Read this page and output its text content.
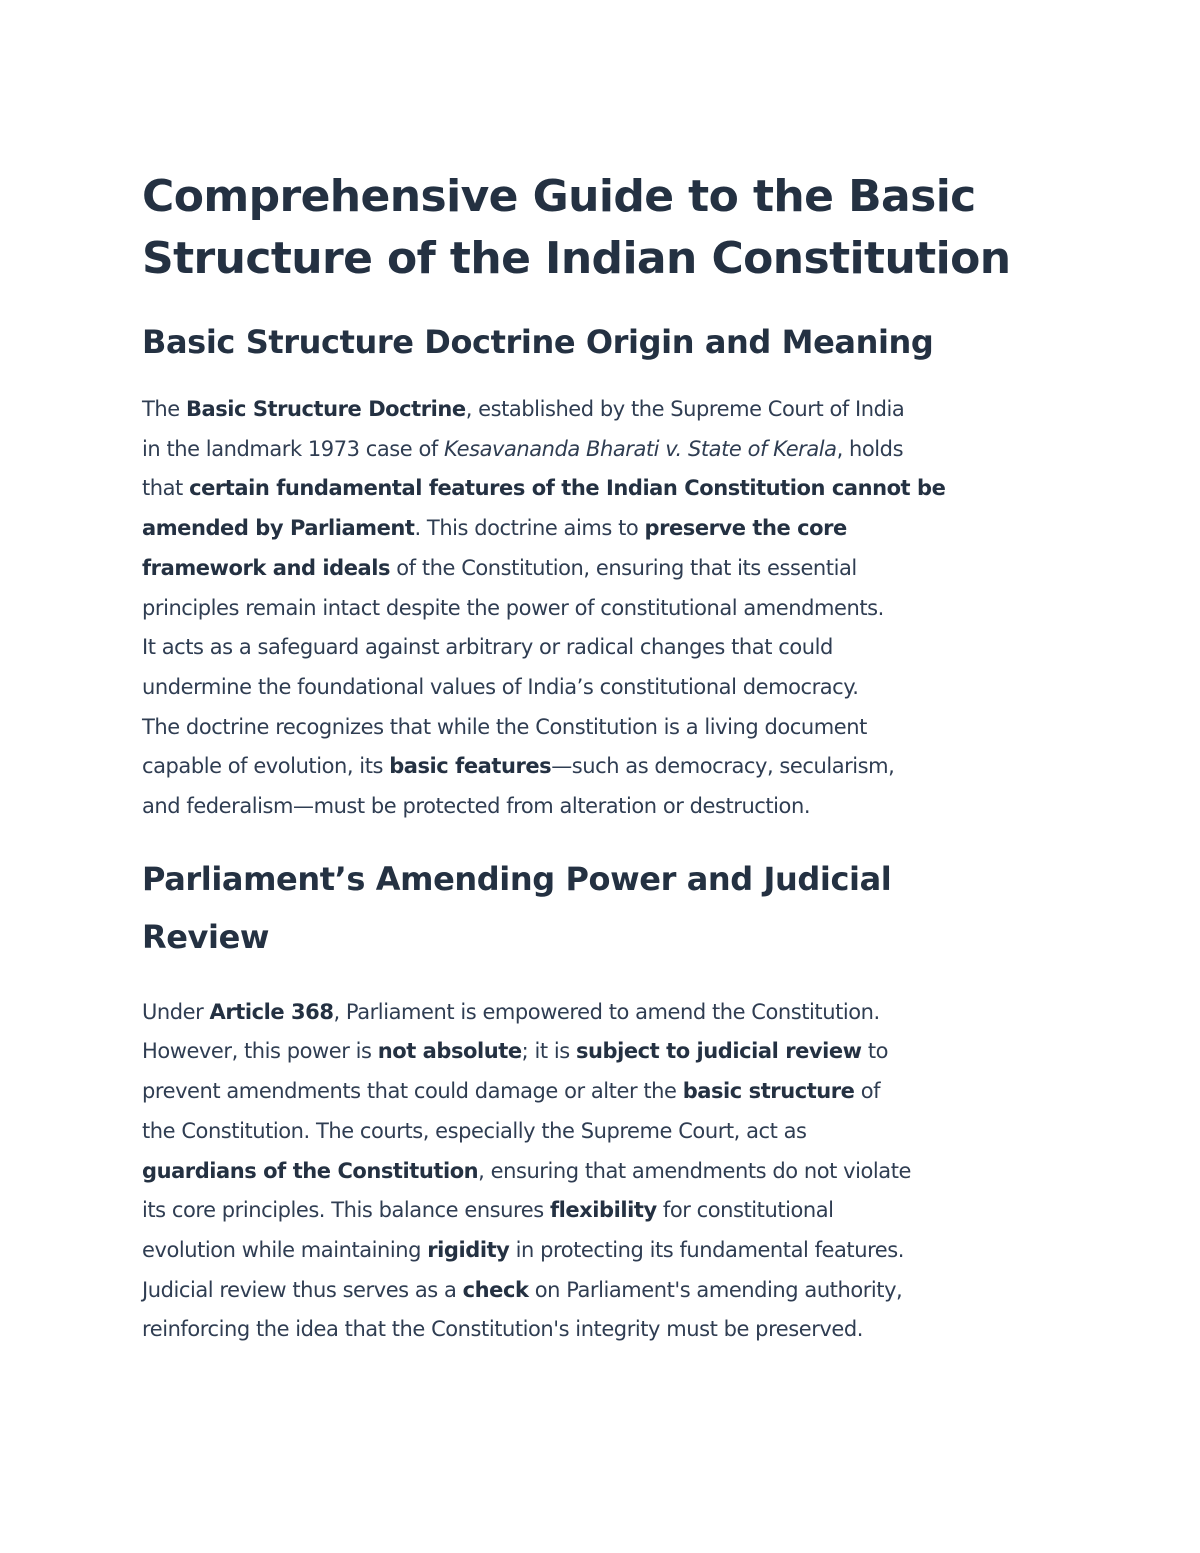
Comprehensive Guide to the Basic
Structure of the Indian Constitution
Basic Structure Doctrine Origin and Meaning

The Basic Structure Doctrine, established by the Supreme Court of India
in the landmark 1973 case of Kesavananda Bharati v. State of Kerala, holds
that certain fundamental features of the Indian Constitution cannot be
amended by Parliament. This doctrine aims to preserve the core
framework and ideals of the Constitution, ensuring that its essential
principles remain intact despite the power of constitutional amendments.
It acts as a safeguard against arbitrary or radical changes that could
undermine the foundational values of India’s constitutional democracy.
The doctrine recognizes that while the Constitution is a living document
capable of evolution, its basic features—such as democracy, secularism,
and federalism—must be protected from alteration or destruction.

Parliament’s Amending Power and Judicial
Review

Under Article 368, Parliament is empowered to amend the Constitution.
However, this power is not absolute; it is subject to judicial review to
prevent amendments that could damage or alter the basic structure of
the Constitution. The courts, especially the Supreme Court, act as
guardians of the Constitution, ensuring that amendments do not violate
its core principles. This balance ensures flexibility for constitutional
evolution while maintaining rigidity in protecting its fundamental features.
Judicial review thus serves as a check on Parliament's amending authority,
reinforcing the idea that the Constitution's integrity must be preserved.
